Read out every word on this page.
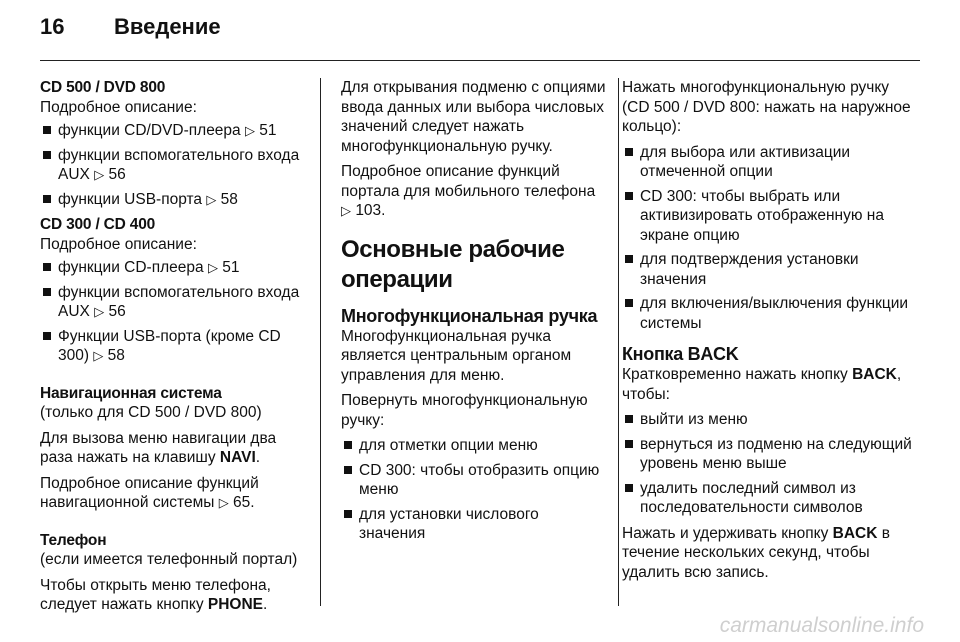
16 Введение
CD 500 / DVD 800

Подробное описание:

функции CD/DVD-плеера ▷ 51
функции вспомогательного входа AUX ▷ 56
функции USB-порта ▷ 58
CD 300 / CD 400

Подробное описание:

функции CD-плеера ▷ 51
функции вспомогательного входа AUX ▷ 56
Функции USB-порта (кроме CD 300) ▷ 58
Навигационная система

(только для CD 500 / DVD 800)

Для вызова меню навигации два раза нажать на клавишу NAVI.

Подробное описание функций навигационной системы ▷ 65.

Телефон

(если имеется телефонный портал)

Чтобы открыть меню телефона, следует нажать кнопку PHONE.

Для открывания подменю с опциями ввода данных или выбора числовых значений следует нажать многофункциональную ручку.

Подробное описание функций портала для мобильного телефона ▷ 103.

Основные рабочие операции
Многофункциональная ручка

Многофункциональная ручка является центральным органом управления для меню.

Повернуть многофункциональную ручку:

для отметки опции меню
CD 300: чтобы отобразить опцию меню
для установки числового значения

Нажать многофункциональную ручку (CD 500 / DVD 800: нажать на наружное кольцо):

для выбора или активизации отмеченной опции
CD 300: чтобы выбрать или активизировать отображенную на экране опцию
для подтверждения установки значения
для включения/выключения функции системы
Кнопка BACK

Кратковременно нажать кнопку BACK, чтобы:

выйти из меню
вернуться из подменю на следующий уровень меню выше
удалить последний символ из последовательности символов

Нажать и удерживать кнопку BACK в течение нескольких секунд, чтобы удалить всю запись.

carmanualsonline.info
